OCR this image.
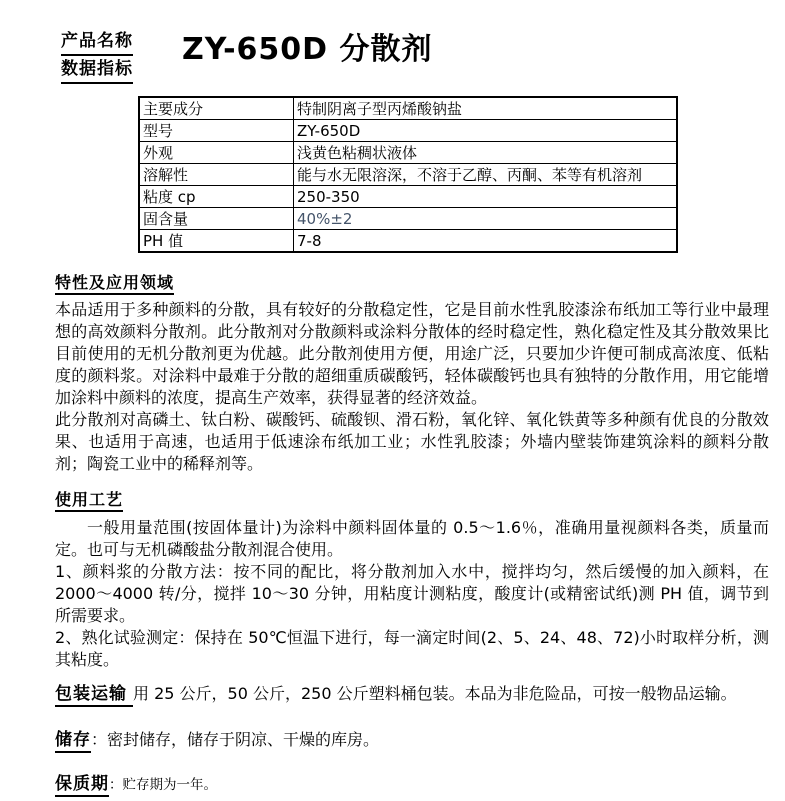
产品名称
数据指标
ZY-650D 分散剂
主要成分	特制阴离子型丙烯酸钠盐
型号	ZY-650D
外观	浅黄色粘稠状液体
溶解性	能与水无限溶深，不溶于乙醇、丙酮、苯等有机溶剂
粘度 cp	250-350
固含量	40%±2
PH 值	7-8
特性及应用领域

本品适用于多种颜料的分散，具有较好的分散稳定性，它是目前水性乳胶漆涂布纸加工等行业中最理想的高效颜料分散剂。此分散剂对分散颜料或涂料分散体的经时稳定性，熟化稳定性及其分散效果比目前使用的无机分散剂更为优越。此分散剂使用方便，用途广泛，只要加少许便可制成高浓度、低粘度的颜料浆。对涂料中最难于分散的超细重质碳酸钙，轻体碳酸钙也具有独特的分散作用，用它能增加涂料中颜料的浓度，提高生产效率，获得显著的经济效益。

此分散剂对高磷土、钛白粉、碳酸钙、硫酸钡、滑石粉，氧化锌、氧化铁黄等多种颜有优良的分散效果、也适用于高速，也适用于低速涂布纸加工业；水性乳胶漆；外墙内壁装饰建筑涂料的颜料分散剂；陶瓷工业中的稀释剂等。

使用工艺

一般用量范围(按固体量计)为涂料中颜料固体量的 0.5～1.6％，准确用量视颜料各类，质量而定。也可与无机磷酸盐分散剂混合使用。

1、颜料浆的分散方法：按不同的配比，将分散剂加入水中，搅拌均匀，然后缓慢的加入颜料，在 2000～4000 转/分，搅拌 10～30 分钟，用粘度计测粘度，酸度计(或精密试纸)测 PH 值，调节到所需要求。

2、熟化试验测定：保持在 50℃恒温下进行，每一滴定时间(2、5、24、48、72)小时取样分析，测其粘度。

包装运输 用 25 公斤，50 公斤，250 公斤塑料桶包装。本品为非危险品，可按一般物品运输。

储存：密封储存，储存于阴凉、干燥的库房。

保质期：贮存期为一年。
